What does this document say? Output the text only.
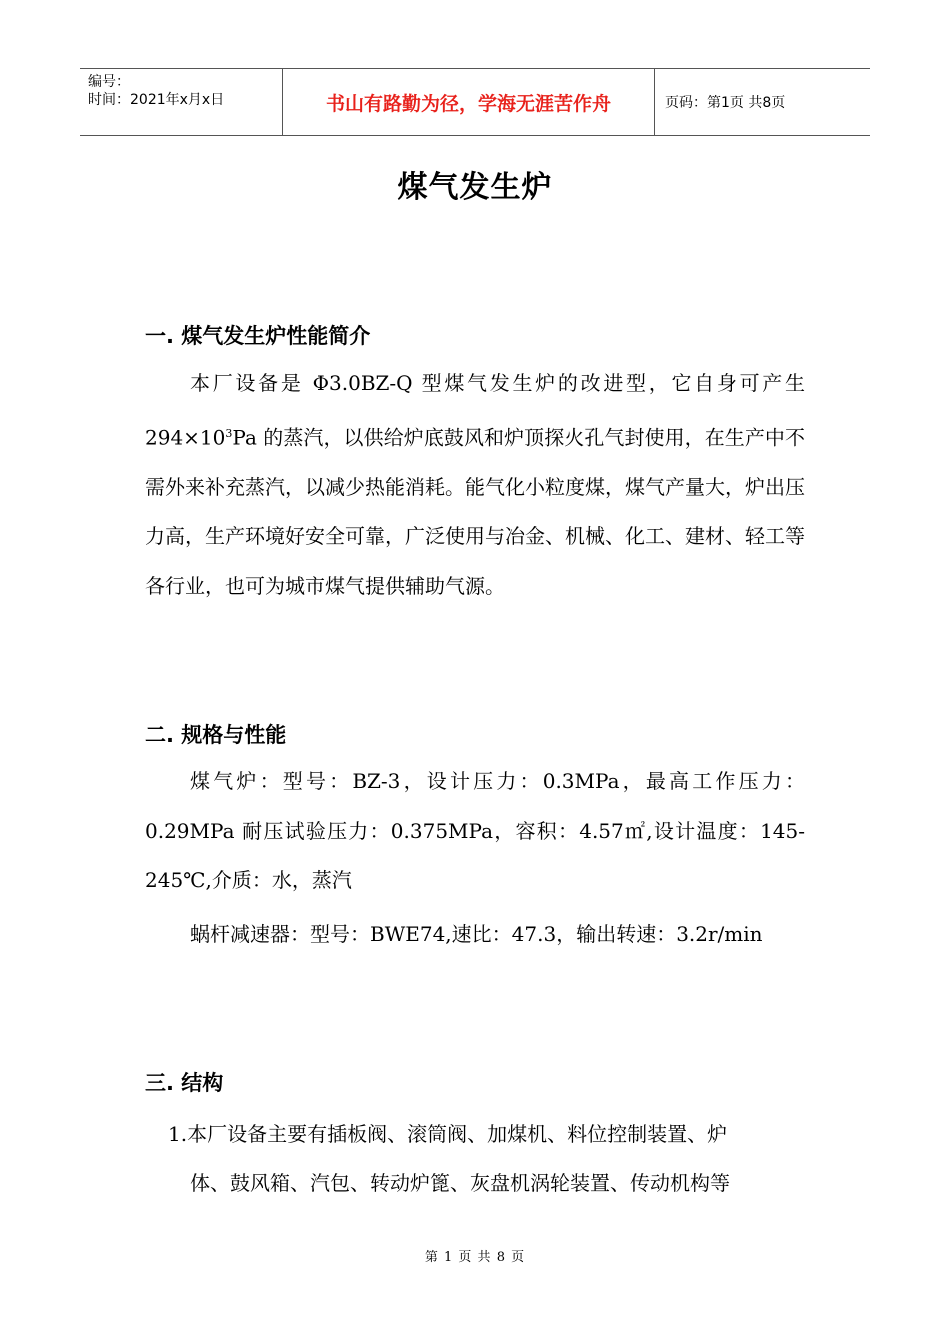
编号：
时间：2021年x月x日	书山有路勤为径，学海无涯苦作舟	页码：第1页 共8页
煤气发生炉
一. 煤气发生炉性能简介

本厂设备是 Φ3.0BZ-Q 型煤气发生炉的改进型，它自身可产生 $294\times 10^3Pa$ 的蒸汽，以供给炉底鼓风和炉顶探火孔气封使用，在生产中不需外来补充蒸汽，以减少热能消耗。能气化小粒度煤，煤气产量大，炉出压力高，生产环境好安全可靠，广泛使用与冶金、机械、化工、建材、轻工等各行业，也可为城市煤气提供辅助气源。

二. 规格与性能

煤气炉：型号：BZ-3，设计压力：0.3MPa，最高工作压力：0.29MPa 耐压试验压力：0.375MPa，容积：4.57㎡,设计温度：145-245℃,介质：水，蒸汽

蜗杆减速器：型号：BWE74,速比：47.3，输出转速：3.2r/min
三. 结构
1.本厂设备主要有插板阀、滚筒阀、加煤机、料位控制装置、炉
体、鼓风箱、汽包、转动炉篦、灰盘机涡轮装置、传动机构等
第 1 页 共 8 页
